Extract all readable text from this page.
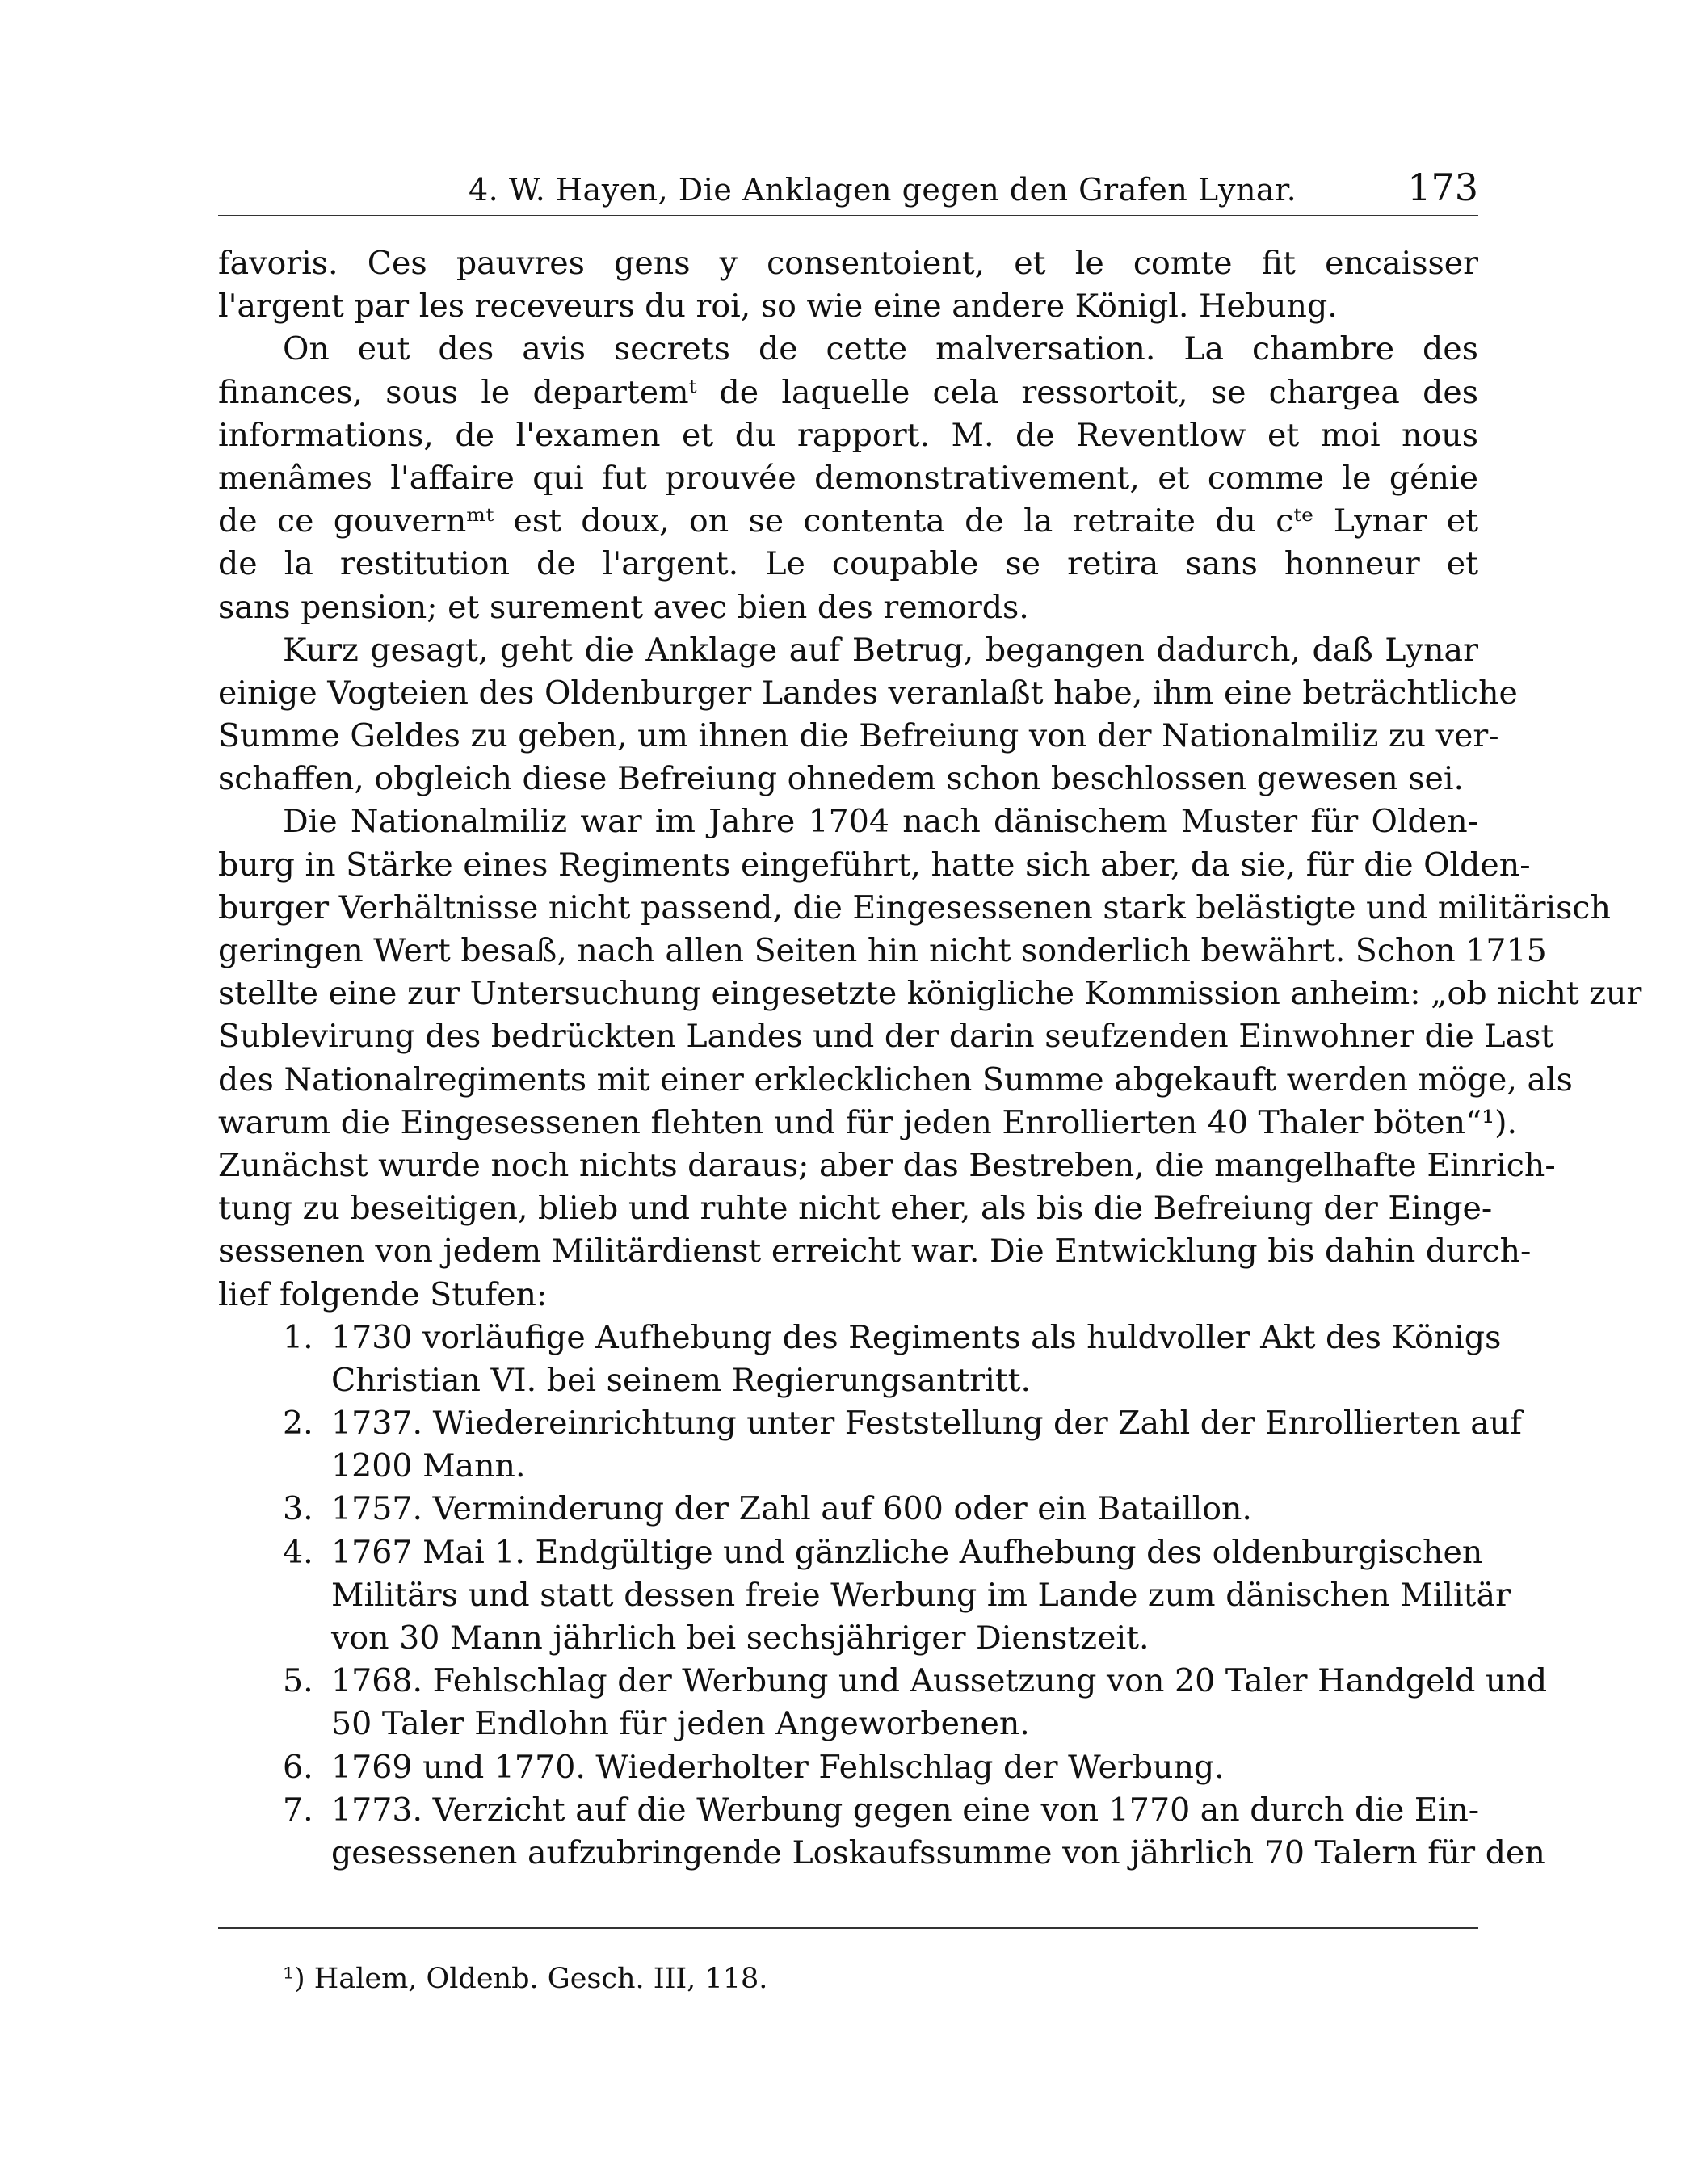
4. W. Hayen, Die Anklagen gegen den Grafen Lynar.	173

favoris. Ces pauvres gens y consentoient, et le comte fit encaisser
l'argent par les receveurs du roi, so wie eine andere Königl. Hebung.
On eut des avis secrets de cette malversation. La chambre des
finances, sous le departemᵗ de laquelle cela ressortoit, se chargea des
informations, de l'examen et du rapport. M. de Reventlow et moi nous
menâmes l'affaire qui fut prouvée demonstrativement, et comme le génie
de ce gouvernᵐᵗ est doux, on se contenta de la retraite du cᵗᵉ Lynar et
de la restitution de l'argent. Le coupable se retira sans honneur et
sans pension; et surement avec bien des remords.

Kurz gesagt, geht die Anklage auf Betrug, begangen dadurch, daß Lynar
einige Vogteien des Oldenburger Landes veranlaßt habe, ihm eine beträchtliche
Summe Geldes zu geben, um ihnen die Befreiung von der Nationalmiliz zu ver-
schaffen, obgleich diese Befreiung ohnedem schon beschlossen gewesen sei.

Die Nationalmiliz war im Jahre 1704 nach dänischem Muster für Olden-
burg in Stärke eines Regiments eingeführt, hatte sich aber, da sie, für die Olden-
burger Verhältnisse nicht passend, die Eingesessenen stark belästigte und militärisch
geringen Wert besaß, nach allen Seiten hin nicht sonderlich bewährt. Schon 1715
stellte eine zur Untersuchung eingesetzte königliche Kommission anheim: „ob nicht zur
Sublevirung des bedrückten Landes und der darin seufzenden Einwohner die Last
des Nationalregiments mit einer erklecklichen Summe abgekauft werden möge, als
warum die Eingesessenen flehten und für jeden Enrollierten 40 Thaler böten“¹).
Zunächst wurde noch nichts daraus; aber das Bestreben, die mangelhafte Einrich-
tung zu beseitigen, blieb und ruhte nicht eher, als bis die Befreiung der Einge-
sessenen von jedem Militärdienst erreicht war. Die Entwicklung bis dahin durch-
lief folgende Stufen:

1. 1730 vorläufige Aufhebung des Regiments als huldvoller Akt des Königs
Christian VI. bei seinem Regierungsantritt.
2. 1737. Wiedereinrichtung unter Feststellung der Zahl der Enrollierten auf
1200 Mann.
3. 1757. Verminderung der Zahl auf 600 oder ein Bataillon.
4. 1767 Mai 1. Endgültige und gänzliche Aufhebung des oldenburgischen
Militärs und statt dessen freie Werbung im Lande zum dänischen Militär
von 30 Mann jährlich bei sechsjähriger Dienstzeit.
5. 1768. Fehlschlag der Werbung und Aussetzung von 20 Taler Handgeld und
50 Taler Endlohn für jeden Angeworbenen.
6. 1769 und 1770. Wiederholter Fehlschlag der Werbung.
7. 1773. Verzicht auf die Werbung gegen eine von 1770 an durch die Ein-
gesessenen aufzubringende Loskaufssumme von jährlich 70 Talern für den
¹) Halem, Oldenb. Gesch. III, 118.
